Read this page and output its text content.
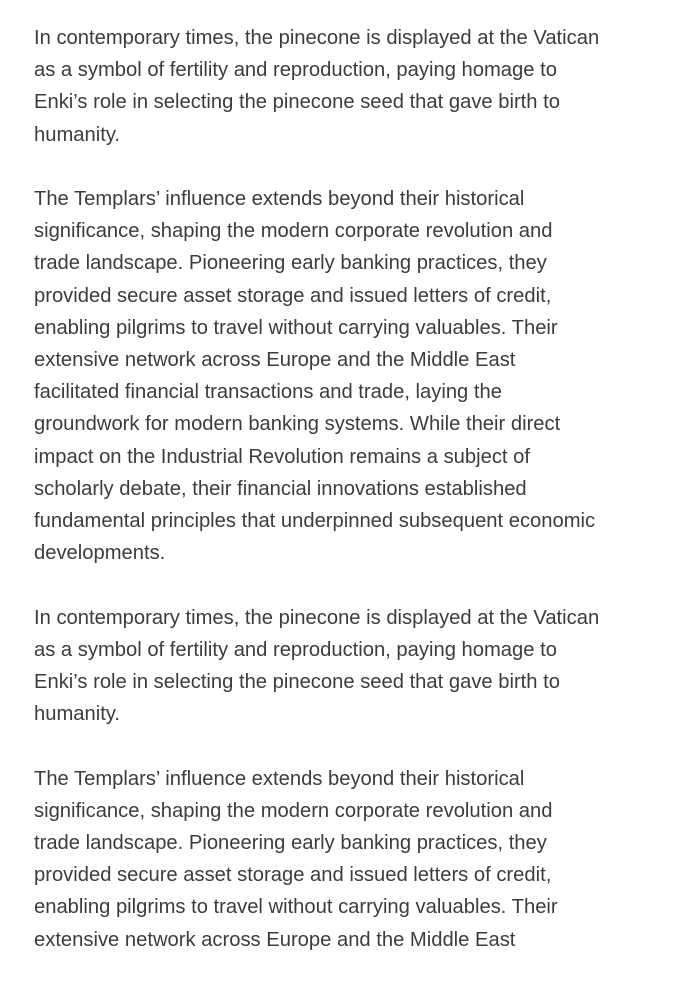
In contemporary times, the pinecone is displayed at the Vatican
as a symbol of fertility and reproduction, paying homage to
Enki’s role in selecting the pinecone seed that gave birth to
humanity.

The Templars’ influence extends beyond their historical
significance, shaping the modern corporate revolution and
trade landscape. Pioneering early banking practices, they
provided secure asset storage and issued letters of credit,
enabling pilgrims to travel without carrying valuables. Their
extensive network across Europe and the Middle East
facilitated financial transactions and trade, laying the
groundwork for modern banking systems. While their direct
impact on the Industrial Revolution remains a subject of
scholarly debate, their financial innovations established
fundamental principles that underpinned subsequent economic
developments.

In contemporary times, the pinecone is displayed at the Vatican
as a symbol of fertility and reproduction, paying homage to
Enki’s role in selecting the pinecone seed that gave birth to
humanity.

The Templars’ influence extends beyond their historical
significance, shaping the modern corporate revolution and
trade landscape. Pioneering early banking practices, they
provided secure asset storage and issued letters of credit,
enabling pilgrims to travel without carrying valuables. Their
extensive network across Europe and the Middle East
